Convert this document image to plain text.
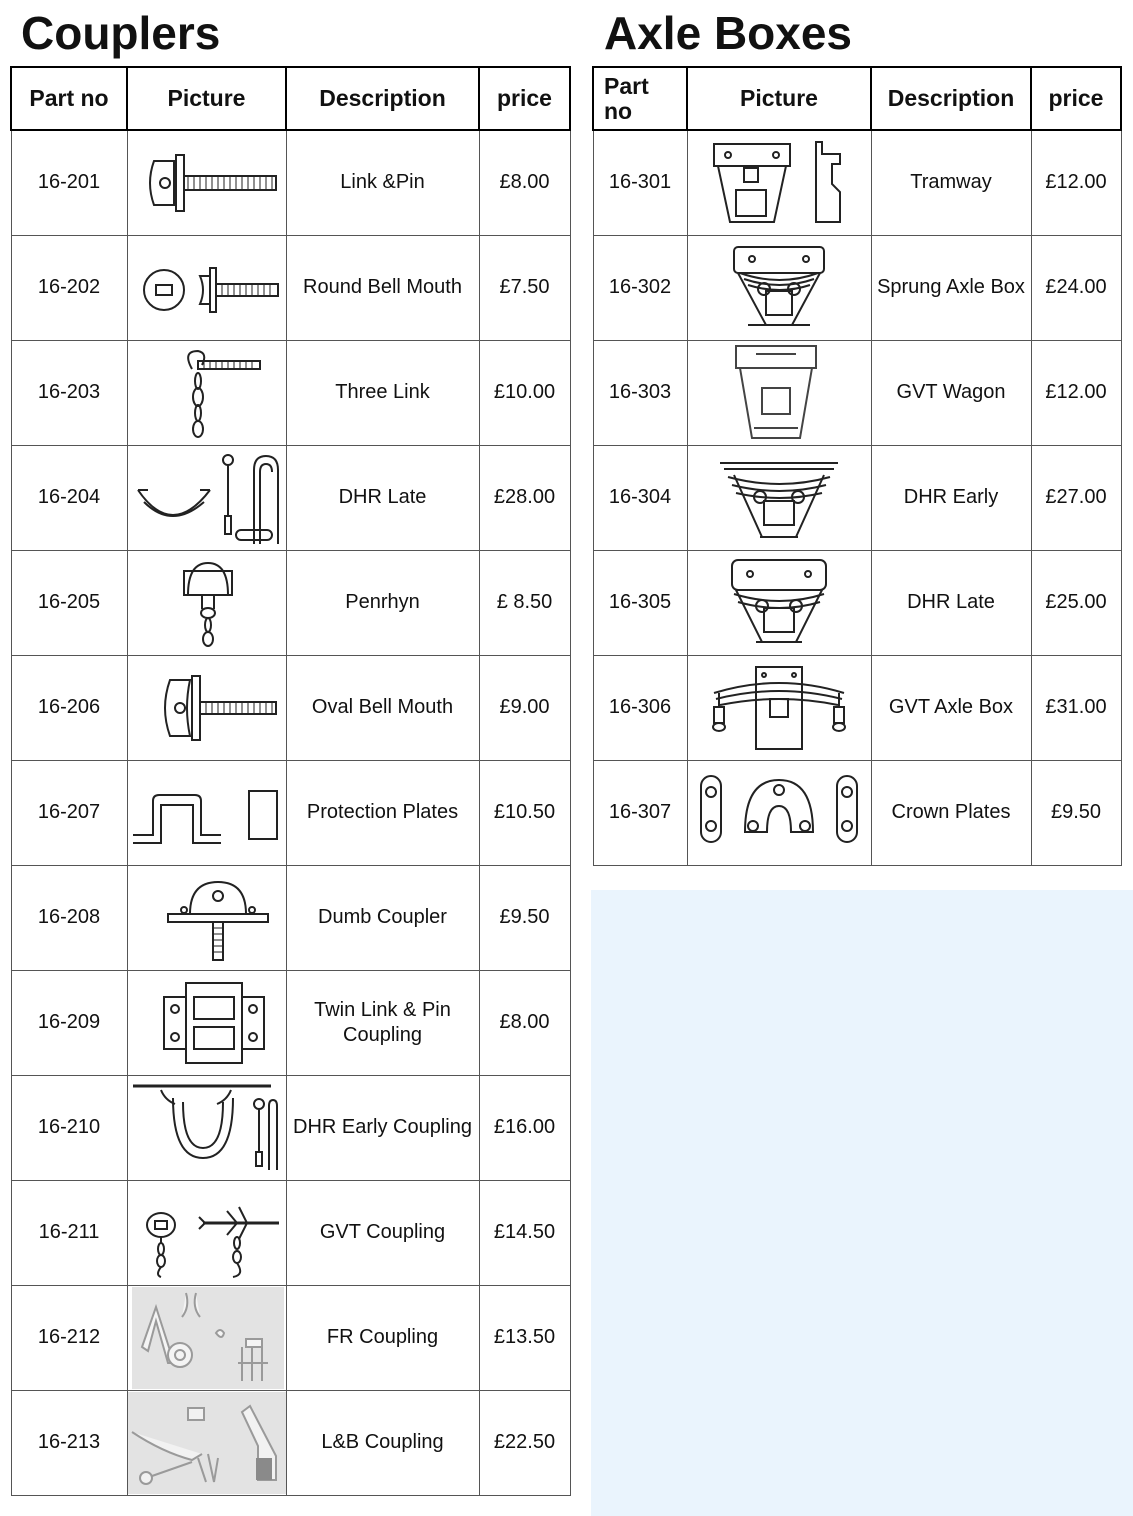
Couplers	Axle Boxes
Part no	Picture	Description	price
16-201		Link &Pin	£8.00
16-202		Round Bell Mouth	£7.50
16-203		Three Link	£10.00
16-204		DHR Late	£28.00
16-205		Penrhyn	£ 8.50
16-206		Oval Bell Mouth	£9.00
16-207		Protection Plates	£10.50
16-208		Dumb Coupler	£9.50
16-209		Twin Link & Pin Coupling	£8.00
16-210		DHR Early Coupling	£16.00
16-211		GVT Coupling	£14.50
16-212		FR Coupling	£13.50
16-213		L&B Coupling	£22.50
Part no	Picture	Description	price
16-301		Tramway	£12.00
16-302		Sprung Axle Box	£24.00
16-303		GVT Wagon	£12.00
16-304		DHR Early	£27.00
16-305		DHR Late	£25.00
16-306		GVT Axle Box	£31.00
16-307		Crown Plates	£9.50
